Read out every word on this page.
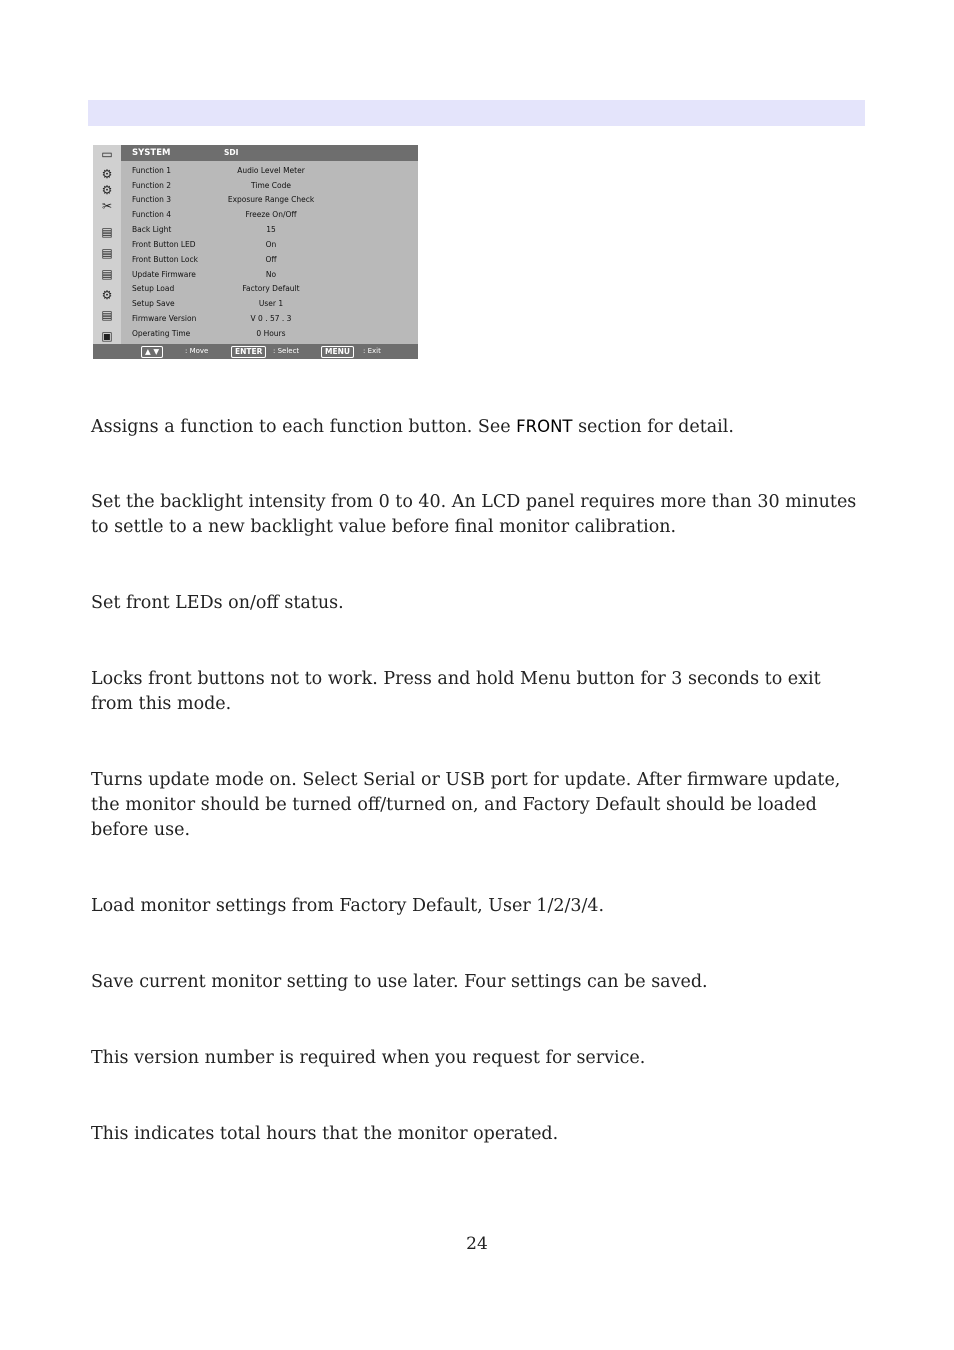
▭
⚙
⚙
✂
▤
▤
▤
⚙
▤
▣
SYSTEM	SDI
Function 1	Audio Level Meter
Function 2	Time Code
Function 3	Exposure Range Check
Function 4	Freeze On/Off
Back Light	15
Front Button LED	On
Front Button Lock	Off
Update Firmware	No
Setup Load	Factory Default
Setup Save	User 1
Firmware Version	V 0 . 57 . 3
Operating Time	0 Hours
▲ ▼	: Move	ENTER	: Select	MENU	: Exit

Assigns a function to each function button. See FRONT section for detail.

Set the backlight intensity from 0 to 40. An LCD panel requires more than 30 minutes to settle to a new backlight value before final monitor calibration.

Set front LEDs on/off status.

Locks front buttons not to work. Press and hold Menu button for 3 seconds to exit from this mode.

Turns update mode on. Select Serial or USB port for update. After firmware update, the monitor should be turned off/turned on, and Factory Default should be loaded before use.

Load monitor settings from Factory Default, User 1/2/3/4.

Save current monitor setting to use later. Four settings can be saved.

This version number is required when you request for service.

This indicates total hours that the monitor operated.

24
